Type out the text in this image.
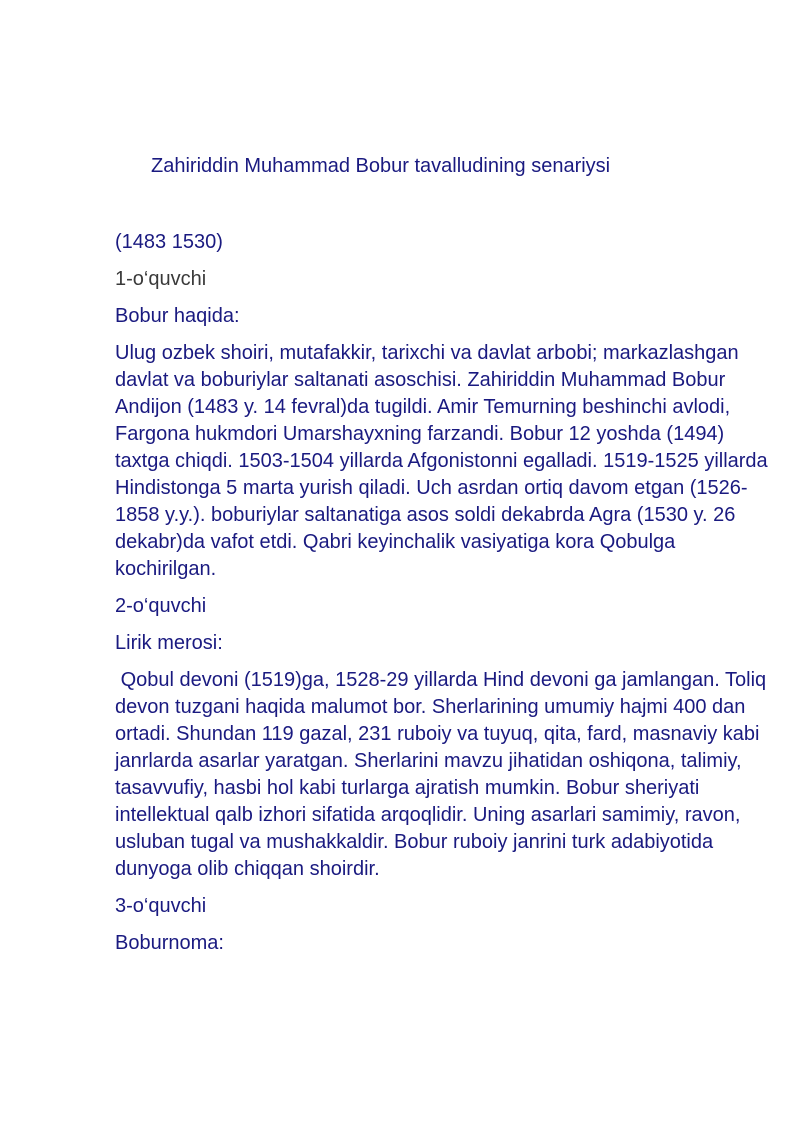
Zahiriddin Muhammad Bobur tavalludining senariysi

(1483 1530)

1-o‘quvchi

Bobur haqida:

Ulug ozbek shoiri, mutafakkir, tarixchi va davlat arbobi; markazlashgan davlat va boburiylar saltanati asoschisi. Zahiriddin Muhammad Bobur Andijon (1483 y. 14 fevral)da tugildi. Amir Temurning beshinchi avlodi, Fargona hukmdori Umarshayxning farzandi. Bobur 12 yoshda (1494) taxtga chiqdi. 1503-1504 yillarda Afgonistonni egalladi. 1519-1525 yillarda Hindistonga 5 marta yurish qiladi. Uch asrdan ortiq davom etgan (1526-1858 y.y.). boburiylar saltanatiga asos soldi dekabrda Agra (1530 y. 26 dekabr)da vafot etdi. Qabri keyinchalik vasiyatiga kora Qobulga kochirilgan.

2-o‘quvchi

Lirik merosi:

Qobul devoni (1519)ga, 1528-29 yillarda Hind devoni ga jamlangan. Toliq devon tuzgani haqida malumot bor. Sherlarining umumiy hajmi 400 dan ortadi. Shundan 119 gazal, 231 ruboiy va tuyuq, qita, fard, masnaviy kabi janrlarda asarlar yaratgan. Sherlarini mavzu jihatidan oshiqona, talimiy, tasavvufiy, hasbi hol kabi turlarga ajratish mumkin. Bobur sheriyati intellektual qalb izhori sifatida arqoqlidir. Uning asarlari samimiy, ravon, usluban tugal va mushakkaldir. Bobur ruboiy janrini turk adabiyotida dunyoga olib chiqqan shoirdir.

3-o‘quvchi

Boburnoma:
